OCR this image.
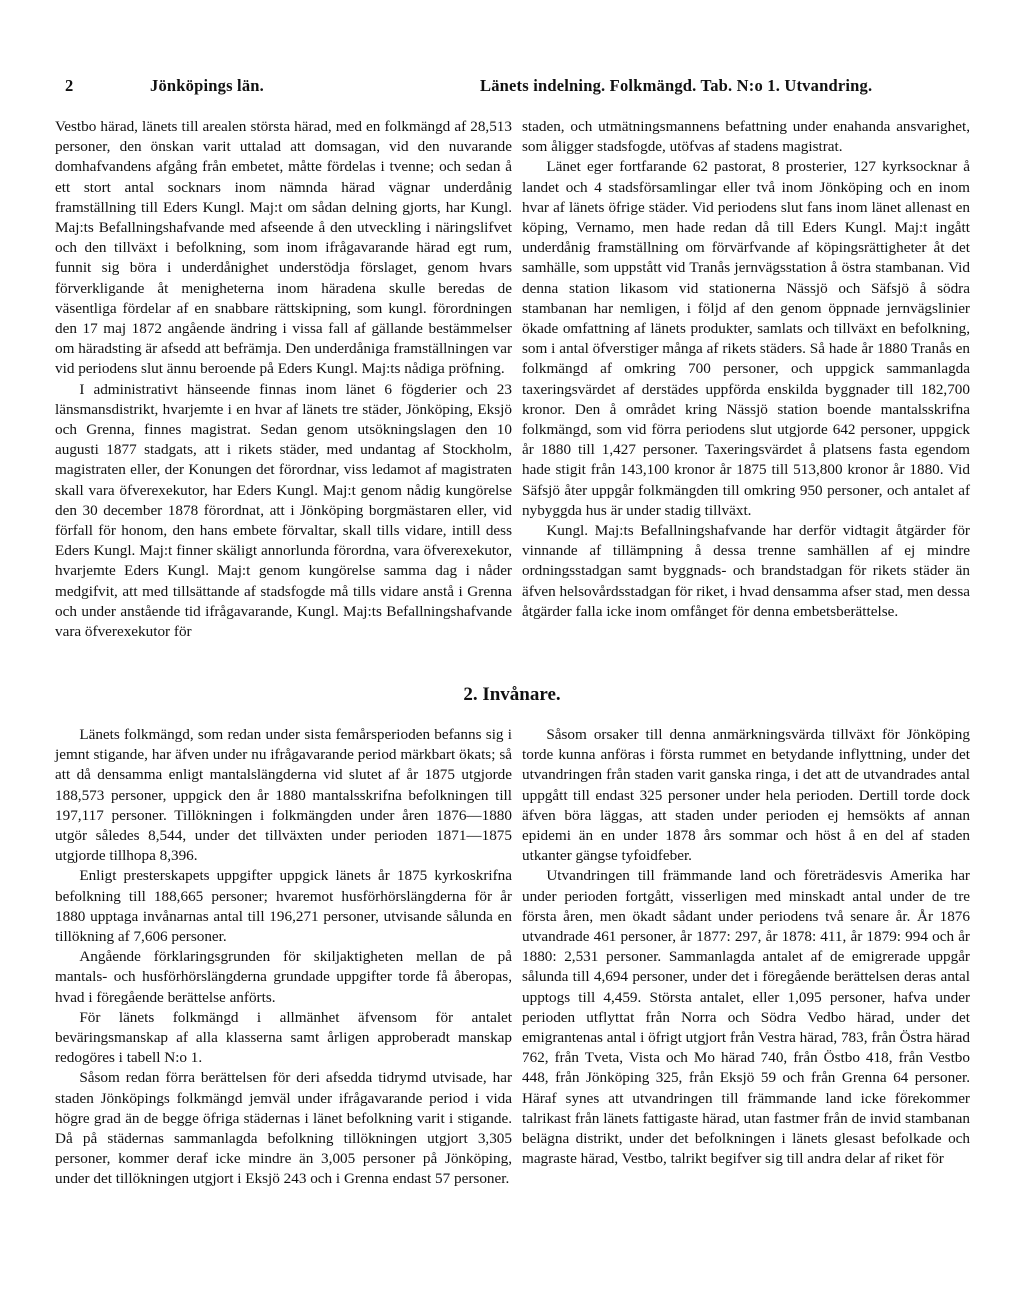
2	Jönköpings län.	Länets indelning. Folkmängd. Tab. N:o 1. Utvandring.

Vestbo härad, länets till arealen största härad, med en folkmängd af 28,513 personer, den önskan varit uttalad att domsagan, vid den nuvarande domhafvandens afgång från embetet, måtte fördelas i tvenne; och sedan å ett stort antal socknars inom nämnda härad vägnar underdånig framställning till Eders Kungl. Maj:t om sådan delning gjorts, har Kungl. Maj:ts Befallningshafvande med afseende å den utveckling i näringslifvet och den tillväxt i befolkning, som inom ifrågavarande härad egt rum, funnit sig böra i underdånighet understödja förslaget, genom hvars förverkligande åt menigheterna inom häradena skulle beredas de väsentliga fördelar af en snabbare rättskipning, som kungl. förordningen den 17 maj 1872 angående ändring i vissa fall af gällande bestämmelser om häradsting är afsedd att befrämja. Den underdåniga framställningen var vid periodens slut ännu beroende på Eders Kungl. Maj:ts nådiga pröfning.

I administrativt hänseende finnas inom länet 6 fögderier och 23 länsmansdistrikt, hvarjemte i en hvar af länets tre städer, Jönköping, Eksjö och Grenna, finnes magistrat. Sedan genom utsökningslagen den 10 augusti 1877 stadgats, att i rikets städer, med undantag af Stockholm, magistraten eller, der Konungen det förordnar, viss ledamot af magistraten skall vara öfverexekutor, har Eders Kungl. Maj:t genom nådig kungörelse den 30 december 1878 förordnat, att i Jönköping borgmästaren eller, vid förfall för honom, den hans embete förvaltar, skall tills vidare, intill dess Eders Kungl. Maj:t finner skäligt annorlunda förordna, vara öfverexekutor, hvarjemte Eders Kungl. Maj:t genom kungörelse samma dag i nåder medgifvit, att med tillsättande af stadsfogde må tills vidare anstå i Grenna och under anstående tid ifrågavarande, Kungl. Maj:ts Befallningshafvande vara öfverexekutor för

staden, och utmätningsmannens befattning under enahanda ansvarighet, som åligger stadsfogde, utöfvas af stadens magistrat.

Länet eger fortfarande 62 pastorat, 8 prosterier, 127 kyrksocknar å landet och 4 stadsförsamlingar eller två inom Jönköping och en inom hvar af länets öfrige städer. Vid periodens slut fans inom länet allenast en köping, Vernamo, men hade redan då till Eders Kungl. Maj:t ingått underdånig framställning om förvärfvande af köpingsrättigheter åt det samhälle, som uppstått vid Tranås jernvägsstation å östra stambanan. Vid denna station likasom vid stationerna Nässjö och Säfsjö å södra stambanan har nemligen, i följd af den genom öppnade jernvägslinier ökade omfattning af länets produkter, samlats och tillväxt en befolkning, som i antal öfverstiger många af rikets städers. Så hade år 1880 Tranås en folkmängd af omkring 700 personer, och uppgick sammanlagda taxeringsvärdet af derstädes uppförda enskilda byggnader till 182,700 kronor. Den å området kring Nässjö station boende mantalsskrifna folkmängd, som vid förra periodens slut utgjorde 642 personer, uppgick år 1880 till 1,427 personer. Taxeringsvärdet å platsens fasta egendom hade stigit från 143,100 kronor år 1875 till 513,800 kronor år 1880. Vid Säfsjö åter uppgår folkmängden till omkring 950 personer, och antalet af nybyggda hus är under stadig tillväxt.

Kungl. Maj:ts Befallningshafvande har derför vidtagit åtgärder för vinnande af tillämpning å dessa trenne samhällen af ej mindre ordningsstadgan samt byggnads- och brandstadgan för rikets städer än äfven helsovårdsstadgan för riket, i hvad densamma afser stad, men dessa åtgärder falla icke inom omfånget för denna embetsberättelse.

2. Invånare.

Länets folkmängd, som redan under sista femårsperioden befanns sig i jemnt stigande, har äfven under nu ifrågavarande period märkbart ökats; så att då densamma enligt mantalslängderna vid slutet af år 1875 utgjorde 188,573 personer, uppgick den år 1880 mantalsskrifna befolkningen till 197,117 personer. Tillökningen i folkmängden under åren 1876—1880 utgör således 8,544, under det tillväxten under perioden 1871—1875 utgjorde tillhopa 8,396.

Enligt presterskapets uppgifter uppgick länets år 1875 kyrkoskrifna befolkning till 188,665 personer; hvaremot husförhörslängderna för år 1880 upptaga invånarnas antal till 196,271 personer, utvisande sålunda en tillökning af 7,606 personer.

Angående förklaringsgrunden för skiljaktigheten mellan de på mantals- och husförhörslängderna grundade uppgifter torde få åberopas, hvad i föregående berättelse anförts.

För länets folkmängd i allmänhet äfvensom för antalet beväringsmanskap af alla klasserna samt årligen approberadt manskap redogöres i tabell N:o 1.

Såsom redan förra berättelsen för deri afsedda tidrymd utvisade, har staden Jönköpings folkmängd jemväl under ifrågavarande period i vida högre grad än de begge öfriga städernas i länet befolkning varit i stigande. Då på städernas sammanlagda befolkning tillökningen utgjort 3,305 personer, kommer deraf icke mindre än 3,005 personer på Jönköping, under det tillökningen utgjort i Eksjö 243 och i Grenna endast 57 personer.

Såsom orsaker till denna anmärkningsvärda tillväxt för Jönköping torde kunna anföras i första rummet en betydande inflyttning, under det utvandringen från staden varit ganska ringa, i det att de utvandrades antal uppgått till endast 325 personer under hela perioden. Dertill torde dock äfven böra läggas, att staden under perioden ej hemsökts af annan epidemi än en under 1878 års sommar och höst å en del af staden utkanter gängse tyfoidfeber.

Utvandringen till främmande land och företrädesvis Amerika har under perioden fortgått, visserligen med minskadt antal under de tre första åren, men ökadt sådant under periodens två senare år. År 1876 utvandrade 461 personer, år 1877: 297, år 1878: 411, år 1879: 994 och år 1880: 2,531 personer. Sammanlagda antalet af de emigrerade uppgår sålunda till 4,694 personer, under det i föregående berättelsen deras antal upptogs till 4,459. Största antalet, eller 1,095 personer, hafva under perioden utflyttat från Norra och Södra Vedbo härad, under det emigrantenas antal i öfrigt utgjort från Vestra härad, 783, från Östra härad 762, från Tveta, Vista och Mo härad 740, från Östbo 418, från Vestbo 448, från Jönköping 325, från Eksjö 59 och från Grenna 64 personer. Häraf synes att utvandringen till främmande land icke förekommer talrikast från länets fattigaste härad, utan fastmer från de invid stambanan belägna distrikt, under det befolkningen i länets glesast befolkade och magraste härad, Vestbo, talrikt begifver sig till andra delar af riket för
